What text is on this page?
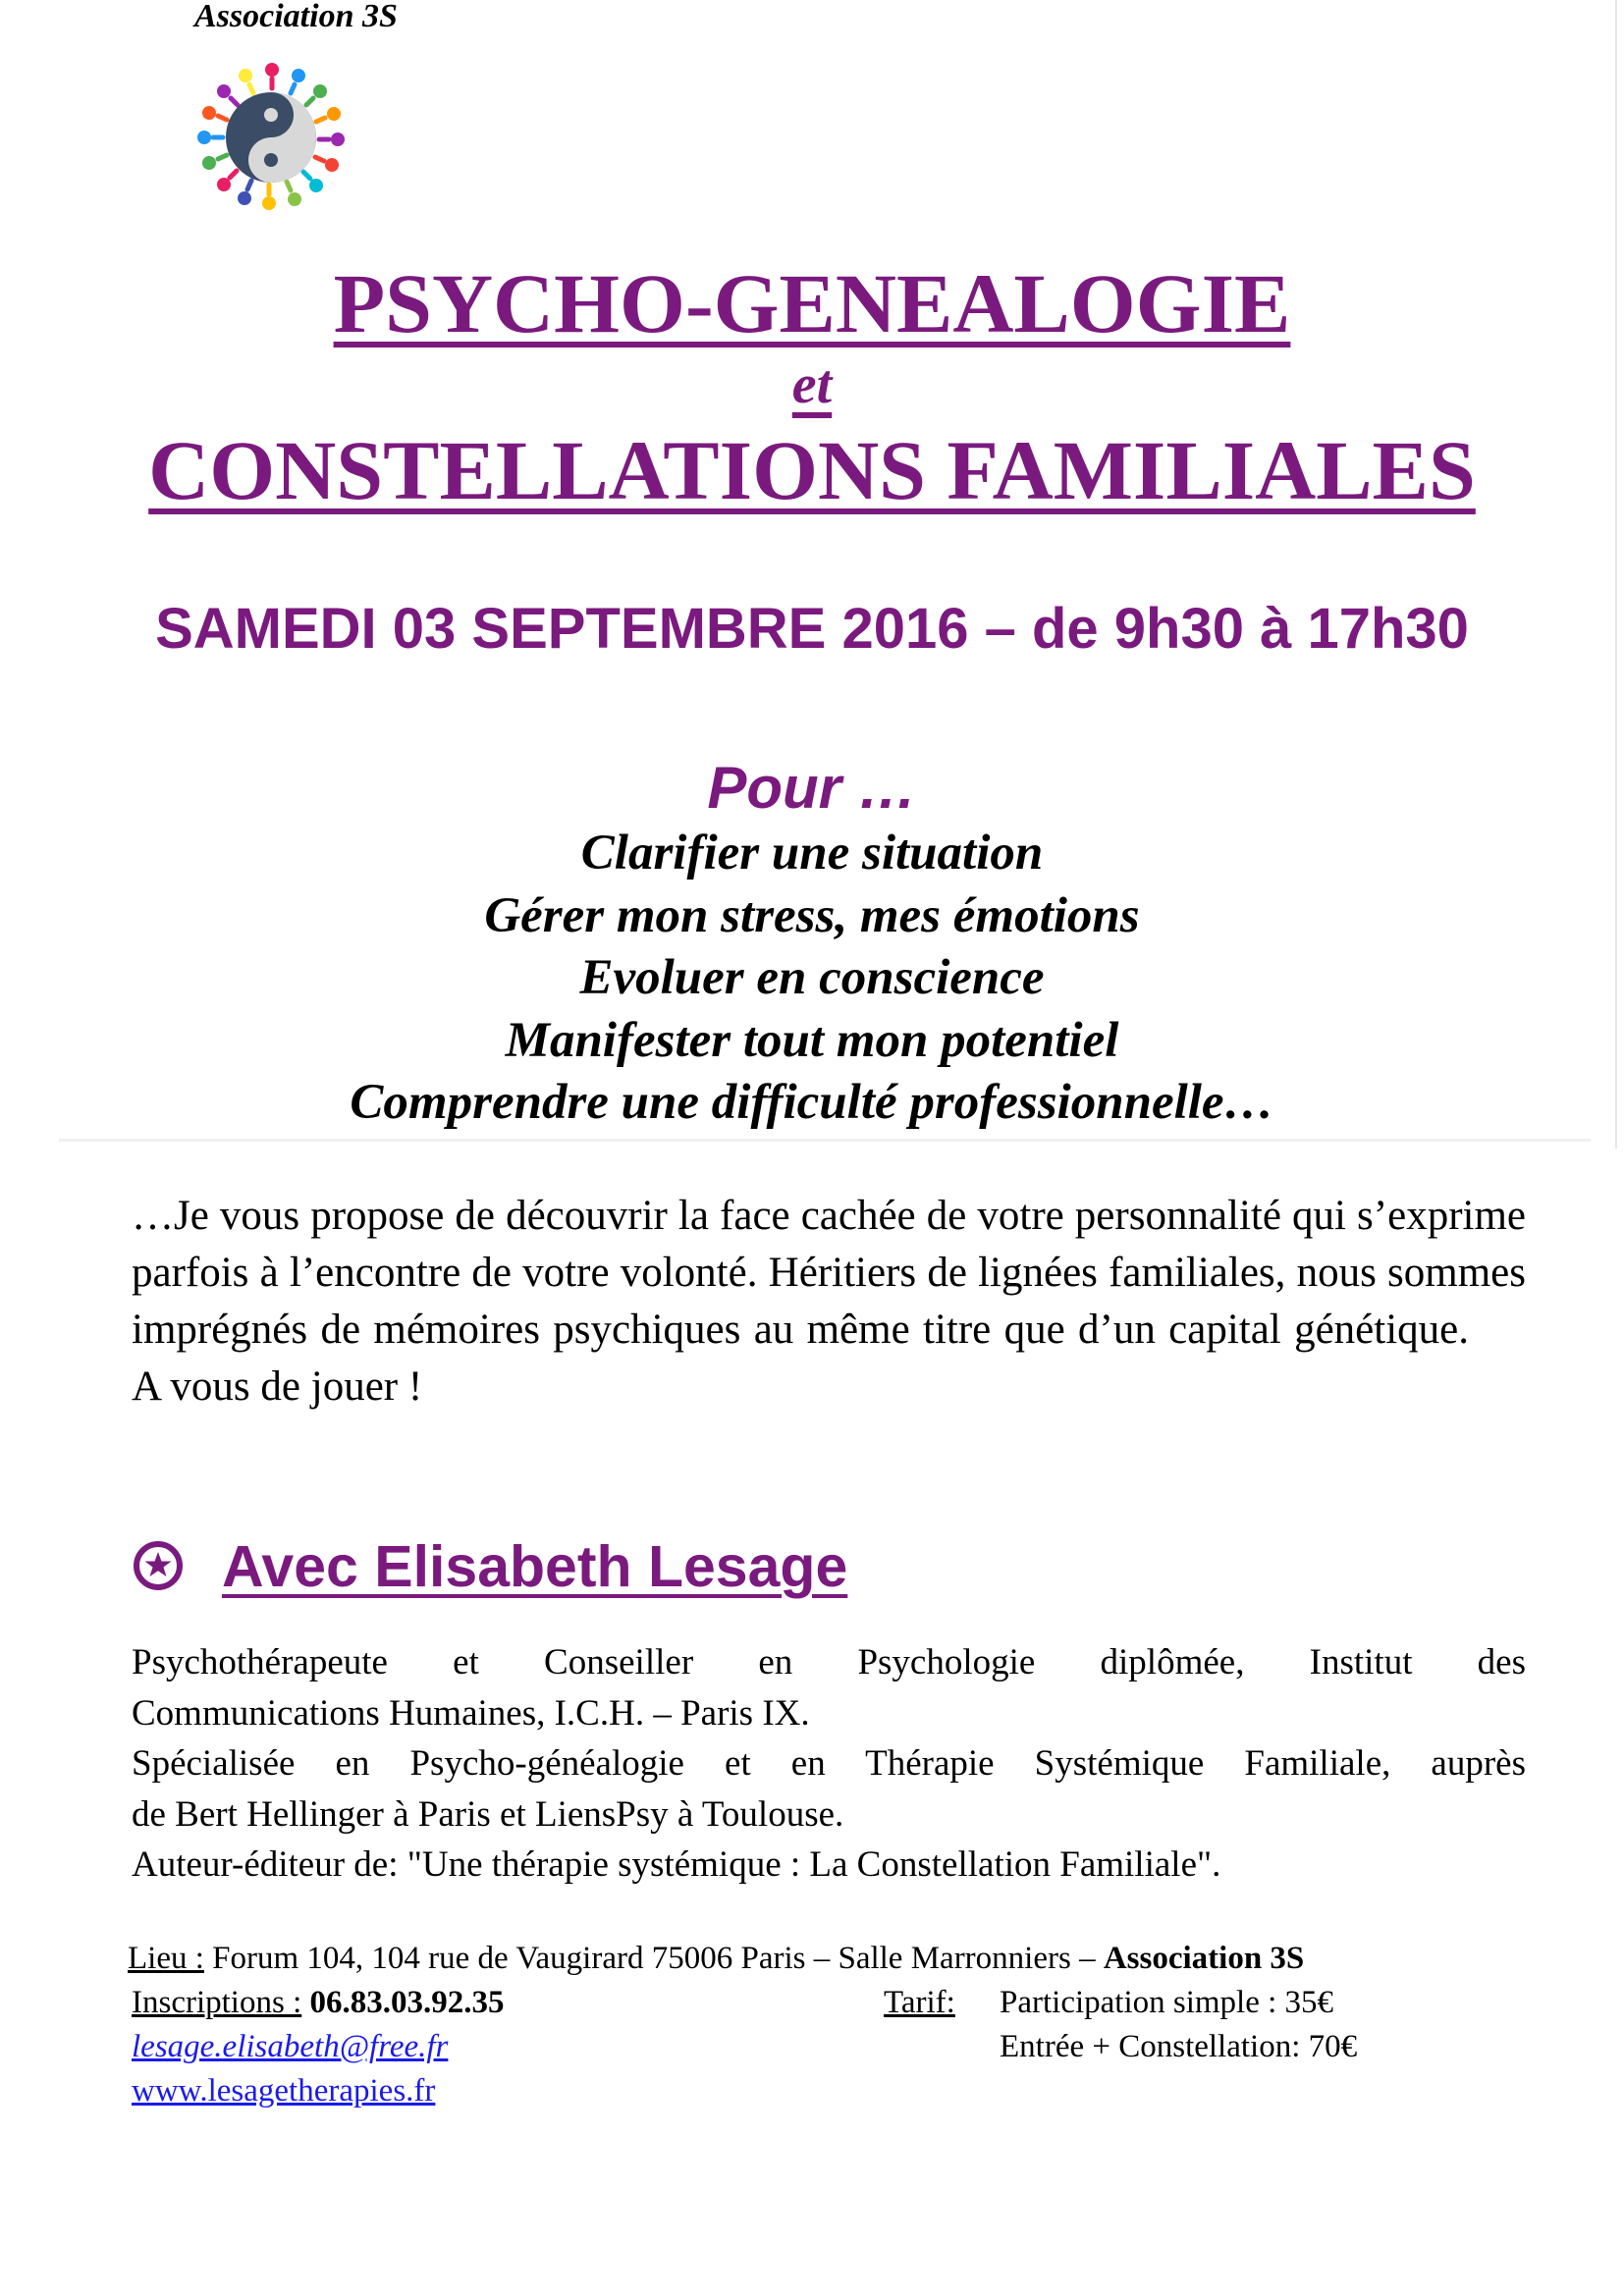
Association 3S
PSYCHO-GENEALOGIE
et
CONSTELLATIONS FAMILIALES
SAMEDI 03 SEPTEMBRE 2016 – de 9h30 à 17h30
Pour …
Clarifier une situation
Gérer mon stress, mes émotions
Evoluer en conscience
Manifester tout mon potentiel
Comprendre une difficulté professionnelle…
…Je vous propose de découvrir la face cachée de votre personnalité qui s’exprime parfois à l’encontre de votre volonté. Héritiers de lignées familiales, nous sommes imprégnés de mémoires psychiques au même titre que d’un capital génétique.A vous de jouer !
Avec Elisabeth Lesage
Psychothérapeute et Conseiller en Psychologie diplômée, Institut des
Communications Humaines, I.C.H. – Paris IX.
Spécialisée en Psycho-généalogie et en Thérapie Systémique Familiale, auprès
de Bert Hellinger à Paris et LiensPsy à Toulouse.
Auteur-éditeur de: "Une thérapie systémique : La Constellation Familiale".
Lieu : Forum 104, 104 rue de Vaugirard 75006 Paris – Salle Marronniers – Association 3S
Inscriptions : 06.83.03.92.35	Tarif: Participation simple : 35€
Entrée + Constellation: 70€
lesage.elisabeth@free.fr
www.lesagetherapies.fr
